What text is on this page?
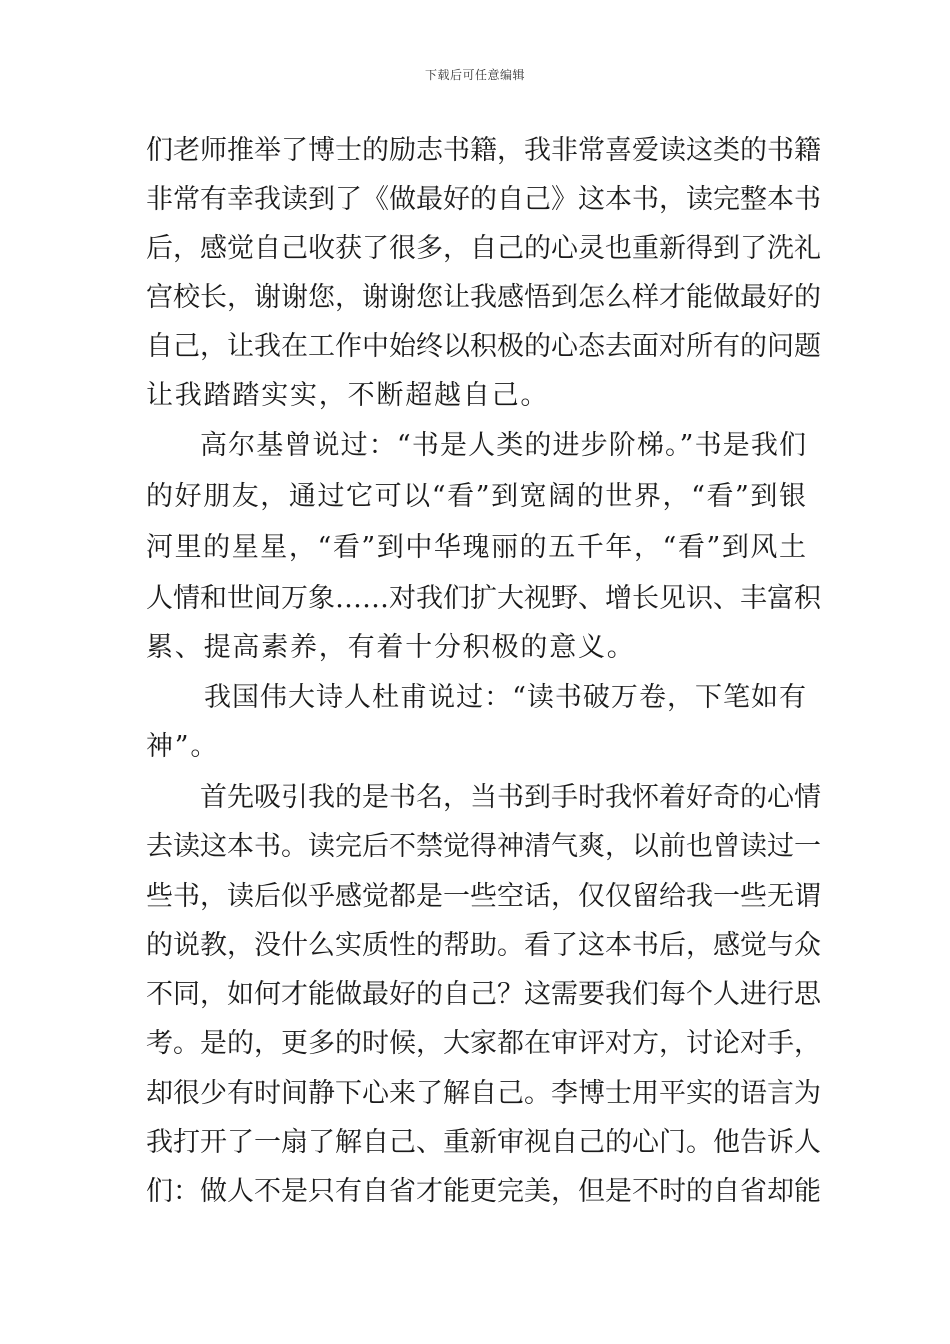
下载后可任意编辑
们老师推举了博士的励志书籍，我非常喜爱读这类的书籍
非常有幸我读到了《做最好的自己》这本书，读完整本书
后，感觉自己收获了很多，自己的心灵也重新得到了洗礼
宫校长，谢谢您，谢谢您让我感悟到怎么样才能做最好的
自己，让我在工作中始终以积极的心态去面对所有的问题
让我踏踏实实，不断超越自己。
高尔基曾说过：“书是人类的进步阶梯。”书是我们
的好朋友，通过它可以“看”到宽阔的世界，“看”到银
河里的星星，“看”到中华瑰丽的五千年，“看”到风土
人情和世间万象……对我们扩大视野、增长见识、丰富积
累、提高素养，有着十分积极的意义。
我国伟大诗人杜甫说过：“读书破万卷，下笔如有
神”。
首先吸引我的是书名，当书到手时我怀着好奇的心情
去读这本书。读完后不禁觉得神清气爽，以前也曾读过一
些书，读后似乎感觉都是一些空话，仅仅留给我一些无谓
的说教，没什么实质性的帮助。看了这本书后，感觉与众
不同，如何才能做最好的自己？这需要我们每个人进行思
考。是的，更多的时候，大家都在审评对方，讨论对手，
却很少有时间静下心来了解自己。李博士用平实的语言为
我打开了一扇了解自己、重新审视自己的心门。他告诉人
们：做人不是只有自省才能更完美，但是不时的自省却能
